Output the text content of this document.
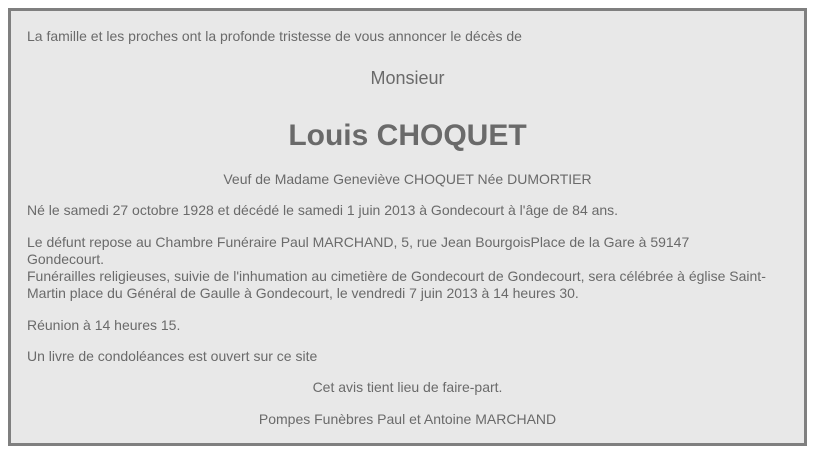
La famille et les proches ont la profonde tristesse de vous annoncer le décès de
Monsieur
Louis CHOQUET
Veuf de Madame Geneviève CHOQUET Née DUMORTIER
Né le samedi 27 octobre 1928 et décédé le samedi 1 juin 2013 à Gondecourt à l'âge de 84 ans.

Le défunt repose au Chambre Funéraire Paul MARCHAND, 5, rue Jean BourgoisPlace de la Gare à 59147 Gondecourt.

Funérailles religieuses, suivie de l'inhumation au cimetière de Gondecourt de Gondecourt, sera célébrée à église Saint-Martin place du Général de Gaulle à Gondecourt, le vendredi 7 juin 2013 à 14 heures 30.

Réunion à 14 heures 15.
Un livre de condoléances est ouvert sur ce site
Cet avis tient lieu de faire-part.
Pompes Funèbres Paul et Antoine MARCHAND
